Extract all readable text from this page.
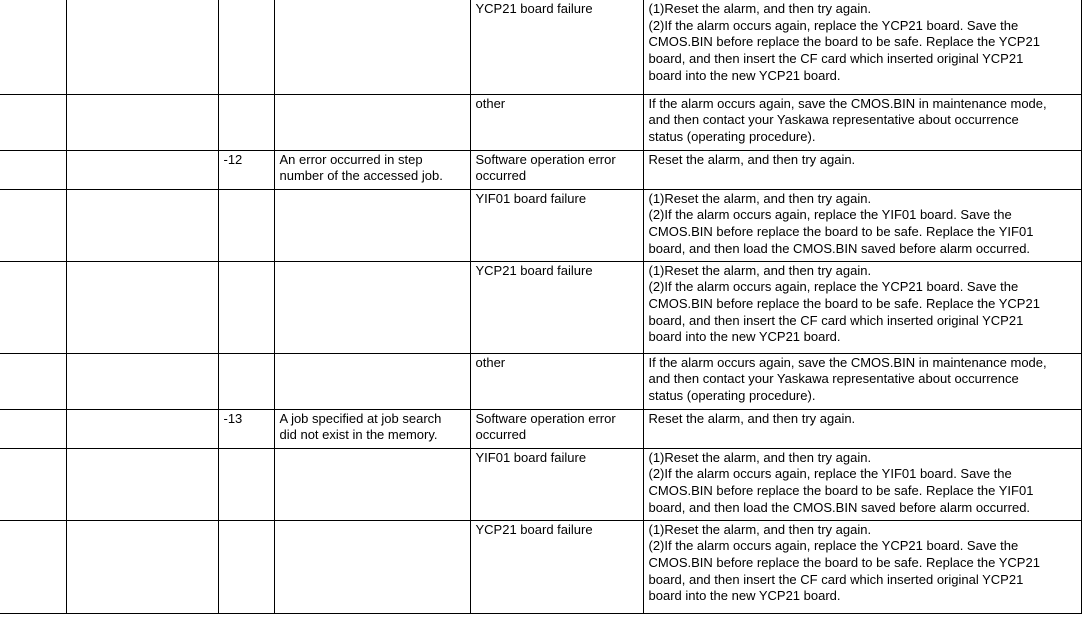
				YCP21 board failure	(1)Reset the alarm, and then try again.
(2)If the alarm occurs again, replace the YCP21 board. Save the
CMOS.BIN before replace the board to be safe. Replace the YCP21
board, and then insert the CF card which inserted original YCP21
board into the new YCP21 board.

				other	If the alarm occurs again, save the CMOS.BIN in maintenance mode,
and then contact your Yaskawa representative about occurrence
status (operating procedure).

		-12	An error occurred in step
number of the accessed job.	Software operation error
occurred	Reset the alarm, and then try again.

				YIF01 board failure	(1)Reset the alarm, and then try again.
(2)If the alarm occurs again, replace the YIF01 board. Save the
CMOS.BIN before replace the board to be safe. Replace the YIF01
board, and then load the CMOS.BIN saved before alarm occurred.

				YCP21 board failure	(1)Reset the alarm, and then try again.
(2)If the alarm occurs again, replace the YCP21 board. Save the
CMOS.BIN before replace the board to be safe. Replace the YCP21
board, and then insert the CF card which inserted original YCP21
board into the new YCP21 board.

				other	If the alarm occurs again, save the CMOS.BIN in maintenance mode,
and then contact your Yaskawa representative about occurrence
status (operating procedure).

		-13	A job specified at job search
did not exist in the memory.	Software operation error
occurred	Reset the alarm, and then try again.

				YIF01 board failure	(1)Reset the alarm, and then try again.
(2)If the alarm occurs again, replace the YIF01 board. Save the
CMOS.BIN before replace the board to be safe. Replace the YIF01
board, and then load the CMOS.BIN saved before alarm occurred.

				YCP21 board failure	(1)Reset the alarm, and then try again.
(2)If the alarm occurs again, replace the YCP21 board. Save the
CMOS.BIN before replace the board to be safe. Replace the YCP21
board, and then insert the CF card which inserted original YCP21
board into the new YCP21 board.
